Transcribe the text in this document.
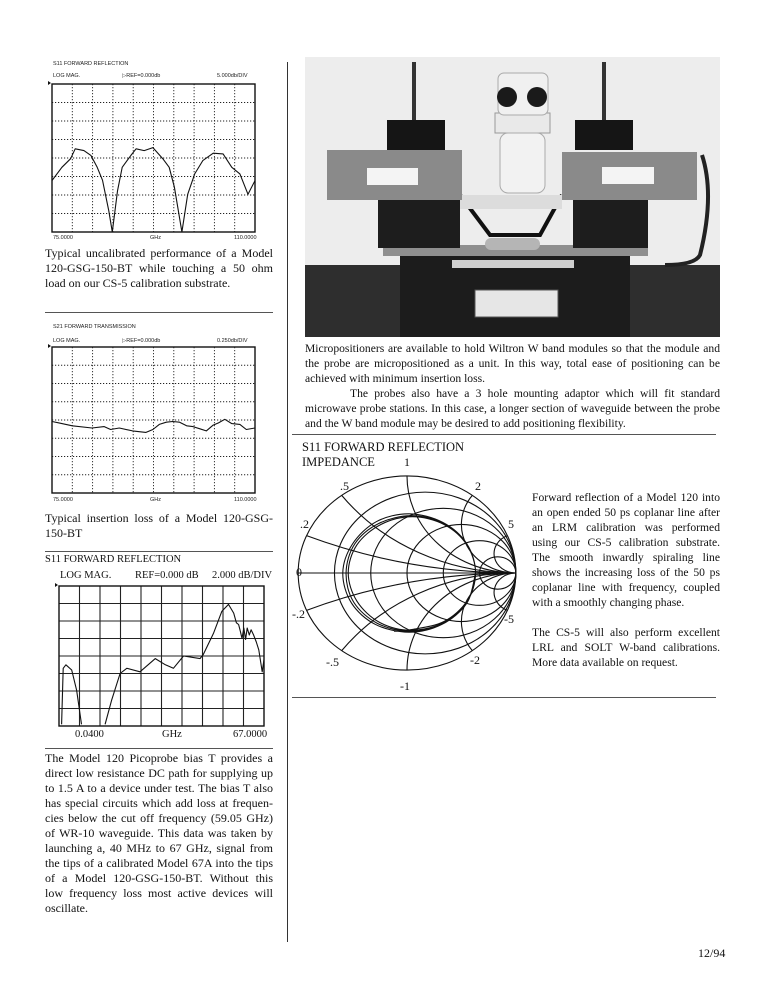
S11 FORWARD REFLECTION
LOG MAG.	▷REF=0.000db	5.000db/DIV
75.0000	GHz	110.0000
Typical uncalibrated performance of a Model 120-GSG-150-BT while touching a 50 ohm load on our CS-5 calibration substrate.
S21 FORWARD TRANSMISSION
LOG MAG.	▷REF=0.000db	0.250db/DIV
75.0000	GHz	110.0000
Typical insertion loss of a Model 120-GSG-150-BT
S11 FORWARD REFLECTION
LOG MAG. REF=0.000 dB 2.000 dB/DIV
0.0400	GHz	67.0000
The Model 120 Picoprobe bias T provides a direct low resistance DC path for supplying up to 1.5 A to a device under test. The bias T also has special circuits which add loss at frequen-cies below the cut off frequency (59.05 GHz) of WR-10 waveguide. This data was taken by launching a, 40 MHz to 67 GHz, signal from the tips of a calibrated Model 67A into the tips of a Model 120-GSG-150-BT. Without this low frequency loss most active devices will oscillate.
Micropositioners are available to hold Wiltron W band modules so that the module and the probe are micropositioned as a unit. In this way, total ease of positioning can be achieved with minimum insertion loss.
The probes also have a 3 hole mounting adaptor which will fit standard microwave probe stations. In this case, a longer section of waveguide between the probe and the W band module may be desired to add positioning flexibility.
S11 FORWARD REFLECTION
IMPEDANCE 1
.5	2
.2	5
0
-.2	-5
-.5	-2
-1
Forward reflection of a Model 120 into an open ended 50 ps coplanar line after an LRM calibration was performed using our CS-5 calibration substrate. The smooth inwardly spiraling line shows the increasing loss of the 50 ps coplanar line with frequency, coupled with a smoothly changing phase.
The CS-5 will also perform excellent LRL and SOLT W-band calibrations. More data available on request.
12/94
